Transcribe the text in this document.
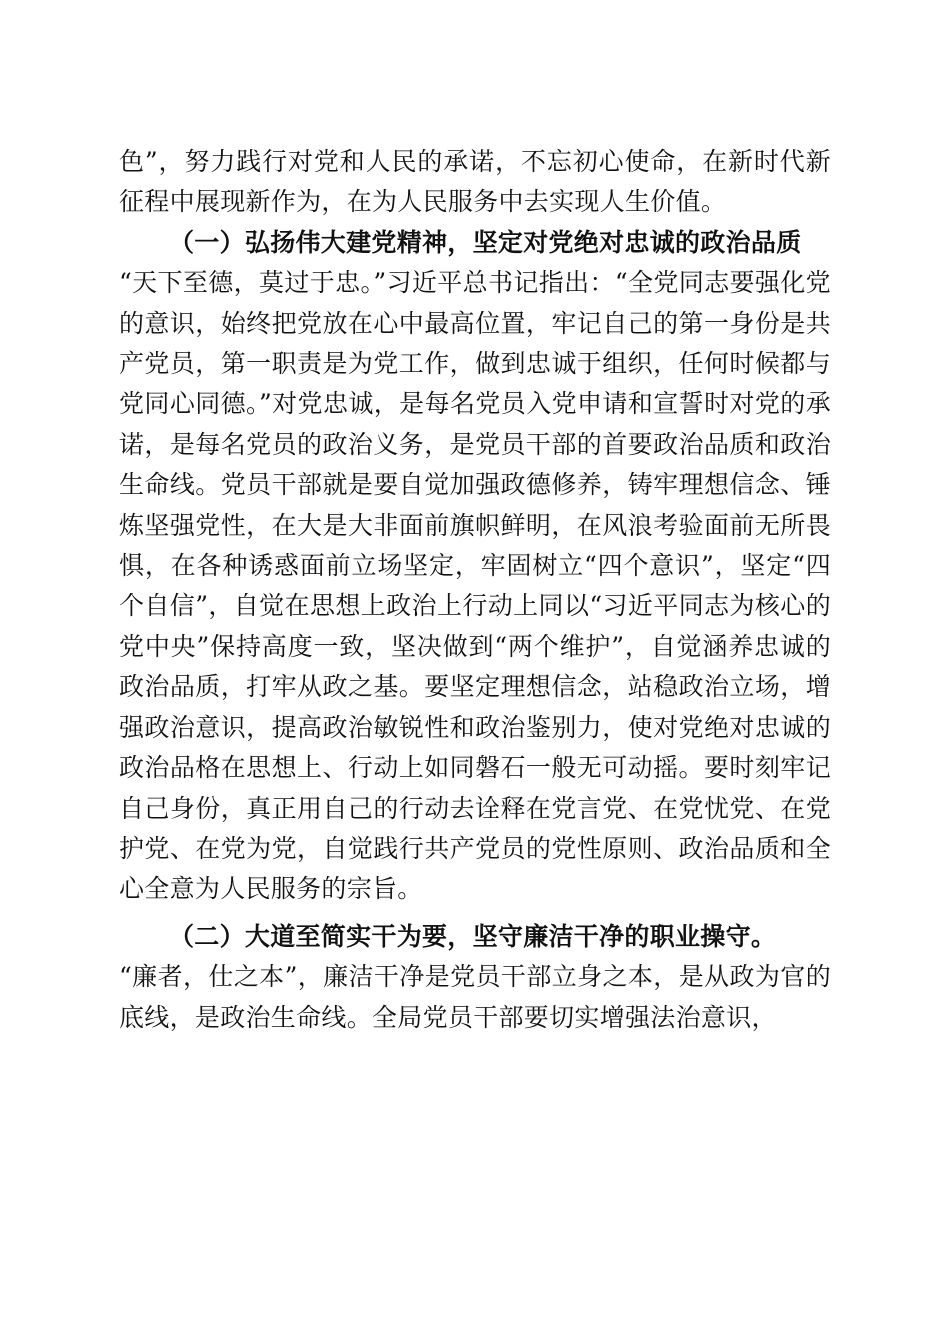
色”，努力践行对党和人民的承诺，不忘初心使命，在新时代新征程中展现新作为，在为人民服务中去实现人生价值。

（一）弘扬伟大建党精神，坚定对党绝对忠诚的政治品质

“天下至德，莫过于忠。”习近平总书记指出：“全党同志要强化党的意识，始终把党放在心中最高位置，牢记自己的第一身份是共产党员，第一职责是为党工作，做到忠诚于组织，任何时候都与党同心同德。”对党忠诚，是每名党员入党申请和宣誓时对党的承诺，是每名党员的政治义务，是党员干部的首要政治品质和政治生命线。党员干部就是要自觉加强政德修养，铸牢理想信念、锤炼坚强党性，在大是大非面前旗帜鲜明，在风浪考验面前无所畏惧，在各种诱惑面前立场坚定，牢固树立“四个意识”，坚定“四个自信”，自觉在思想上政治上行动上同以“习近平同志为核心的党中央”保持高度一致，坚决做到“两个维护”，自觉涵养忠诚的政治品质，打牢从政之基。要坚定理想信念，站稳政治立场，增强政治意识，提高政治敏锐性和政治鉴别力，使对党绝对忠诚的政治品格在思想上、行动上如同磐石一般无可动摇。要时刻牢记自己身份，真正用自己的行动去诠释在党言党、在党忧党、在党护党、在党为党，自觉践行共产党员的党性原则、政治品质和全心全意为人民服务的宗旨。

（二）大道至简实干为要，坚守廉洁干净的职业操守。

“廉者，仕之本”，廉洁干净是党员干部立身之本，是从政为官的底线，是政治生命线。全局党员干部要切实增强法治意识，
